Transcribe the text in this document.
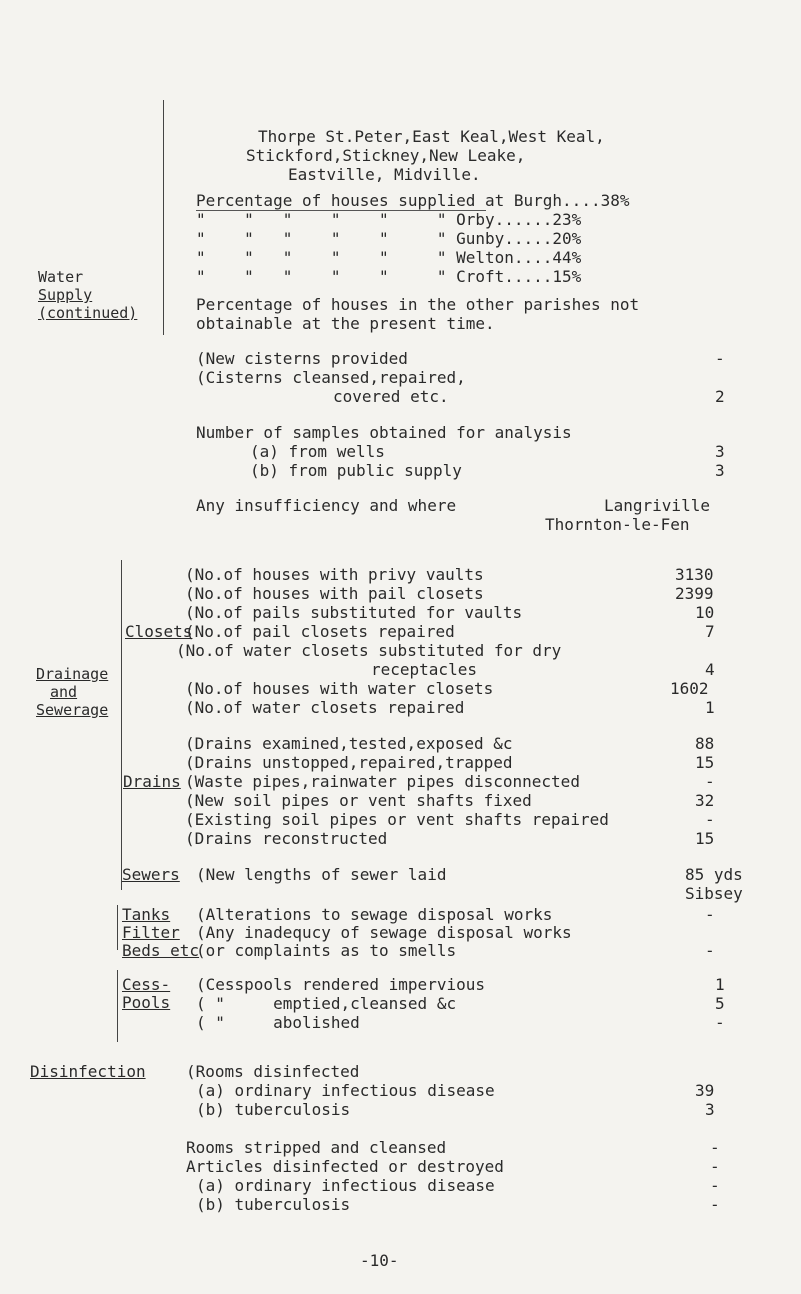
Thorpe St.Peter,East Keal,West Keal,
Stickford,Stickney,New Leake,
Eastville, Midville.
Water
Supply
(continued)
Percentage of houses supplied at Burgh....38%
"    "   "    "    "     " Orby......23%
"    "   "    "    "     " Gunby.....20%
"    "   "    "    "     " Welton....44%
"    "   "    "    "     " Croft.....15%
Percentage of houses in the other parishes not
obtainable at the present time.
(New cisterns provided	-
(Cisterns cleansed,repaired,
covered etc.	2
Number of samples obtained for analysis
(a) from wells	3
(b) from public supply	3
Any insufficiency and where	Langriville
Thornton-le-Fen
Drainage
and
Sewerage
(No.of houses with privy vaults	3130
(No.of houses with pail closets	2399
(No.of pails substituted for vaults	10
Closets
(No.of pail closets repaired	7
(No.of water closets substituted for dry
receptacles	4
(No.of houses with water closets	1602
(No.of water closets repaired	1
(Drains examined,tested,exposed &c	88
(Drains unstopped,repaired,trapped	15
Drains (Waste pipes,rainwater pipes disconnected	-
(New soil pipes or vent shafts fixed	32
(Existing soil pipes or vent shafts repaired	-
(Drains reconstructed	15
Sewers (New lengths of sewer laid	85 yds
Sibsey
Tanks
Filter
Beds etc
(Alterations to sewage disposal works	-
(Any inadequcy of sewage disposal works
(or complaints as to smells	-
Cess-
Pools
(Cesspools rendered impervious	1
( "     emptied,cleansed &c	5
( "     abolished	-
Disinfection	(Rooms disinfected
(a) ordinary infectious disease	39
(b) tuberculosis	3
Rooms stripped and cleansed	-
Articles disinfected or destroyed	-
(a) ordinary infectious disease	-
(b) tuberculosis	-
-10-
